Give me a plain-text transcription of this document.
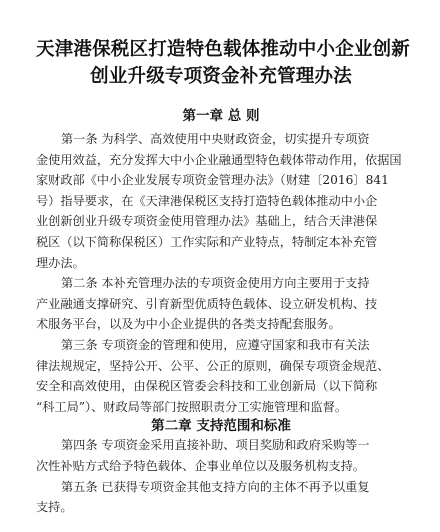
天津港保税区打造特色载体推动中小企业创新
创业升级专项资金补充管理办法
第一章 总 则

第一条 为科学、高效使用中央财政资金，切实提升专项资
金使用效益，充分发挥大中小企业融通型特色载体带动作用，依据国
家财政部《中小企业发展专项资金管理办法》（财建〔2016〕841
号）指导要求，在《天津港保税区支持打造特色载体推动中小企
业创新创业升级专项资金使用管理办法》基础上，结合天津港保
税区（以下简称保税区）工作实际和产业特点，特制定本补充管
理办法。

第二条 本补充管理办法的专项资金使用方向主要用于支持
产业融通支撑研究、引育新型优质特色载体、设立研发机构、技
术服务平台，以及为中小企业提供的各类支持配套服务。

第三条 专项资金的管理和使用，应遵守国家和我市有关法
律法规规定，坚持公开、公平、公正的原则，确保专项资金规范、
安全和高效使用，由保税区管委会科技和工业创新局（以下简称
“科工局”）、财政局等部门按照职责分工实施管理和监督。

第二章 支持范围和标准

第四条 专项资金采用直接补助、项目奖励和政府采购等一
次性补贴方式给予特色载体、企事业单位以及服务机构支持。

第五条 已获得专项资金其他支持方向的主体不再予以重复
支持。
